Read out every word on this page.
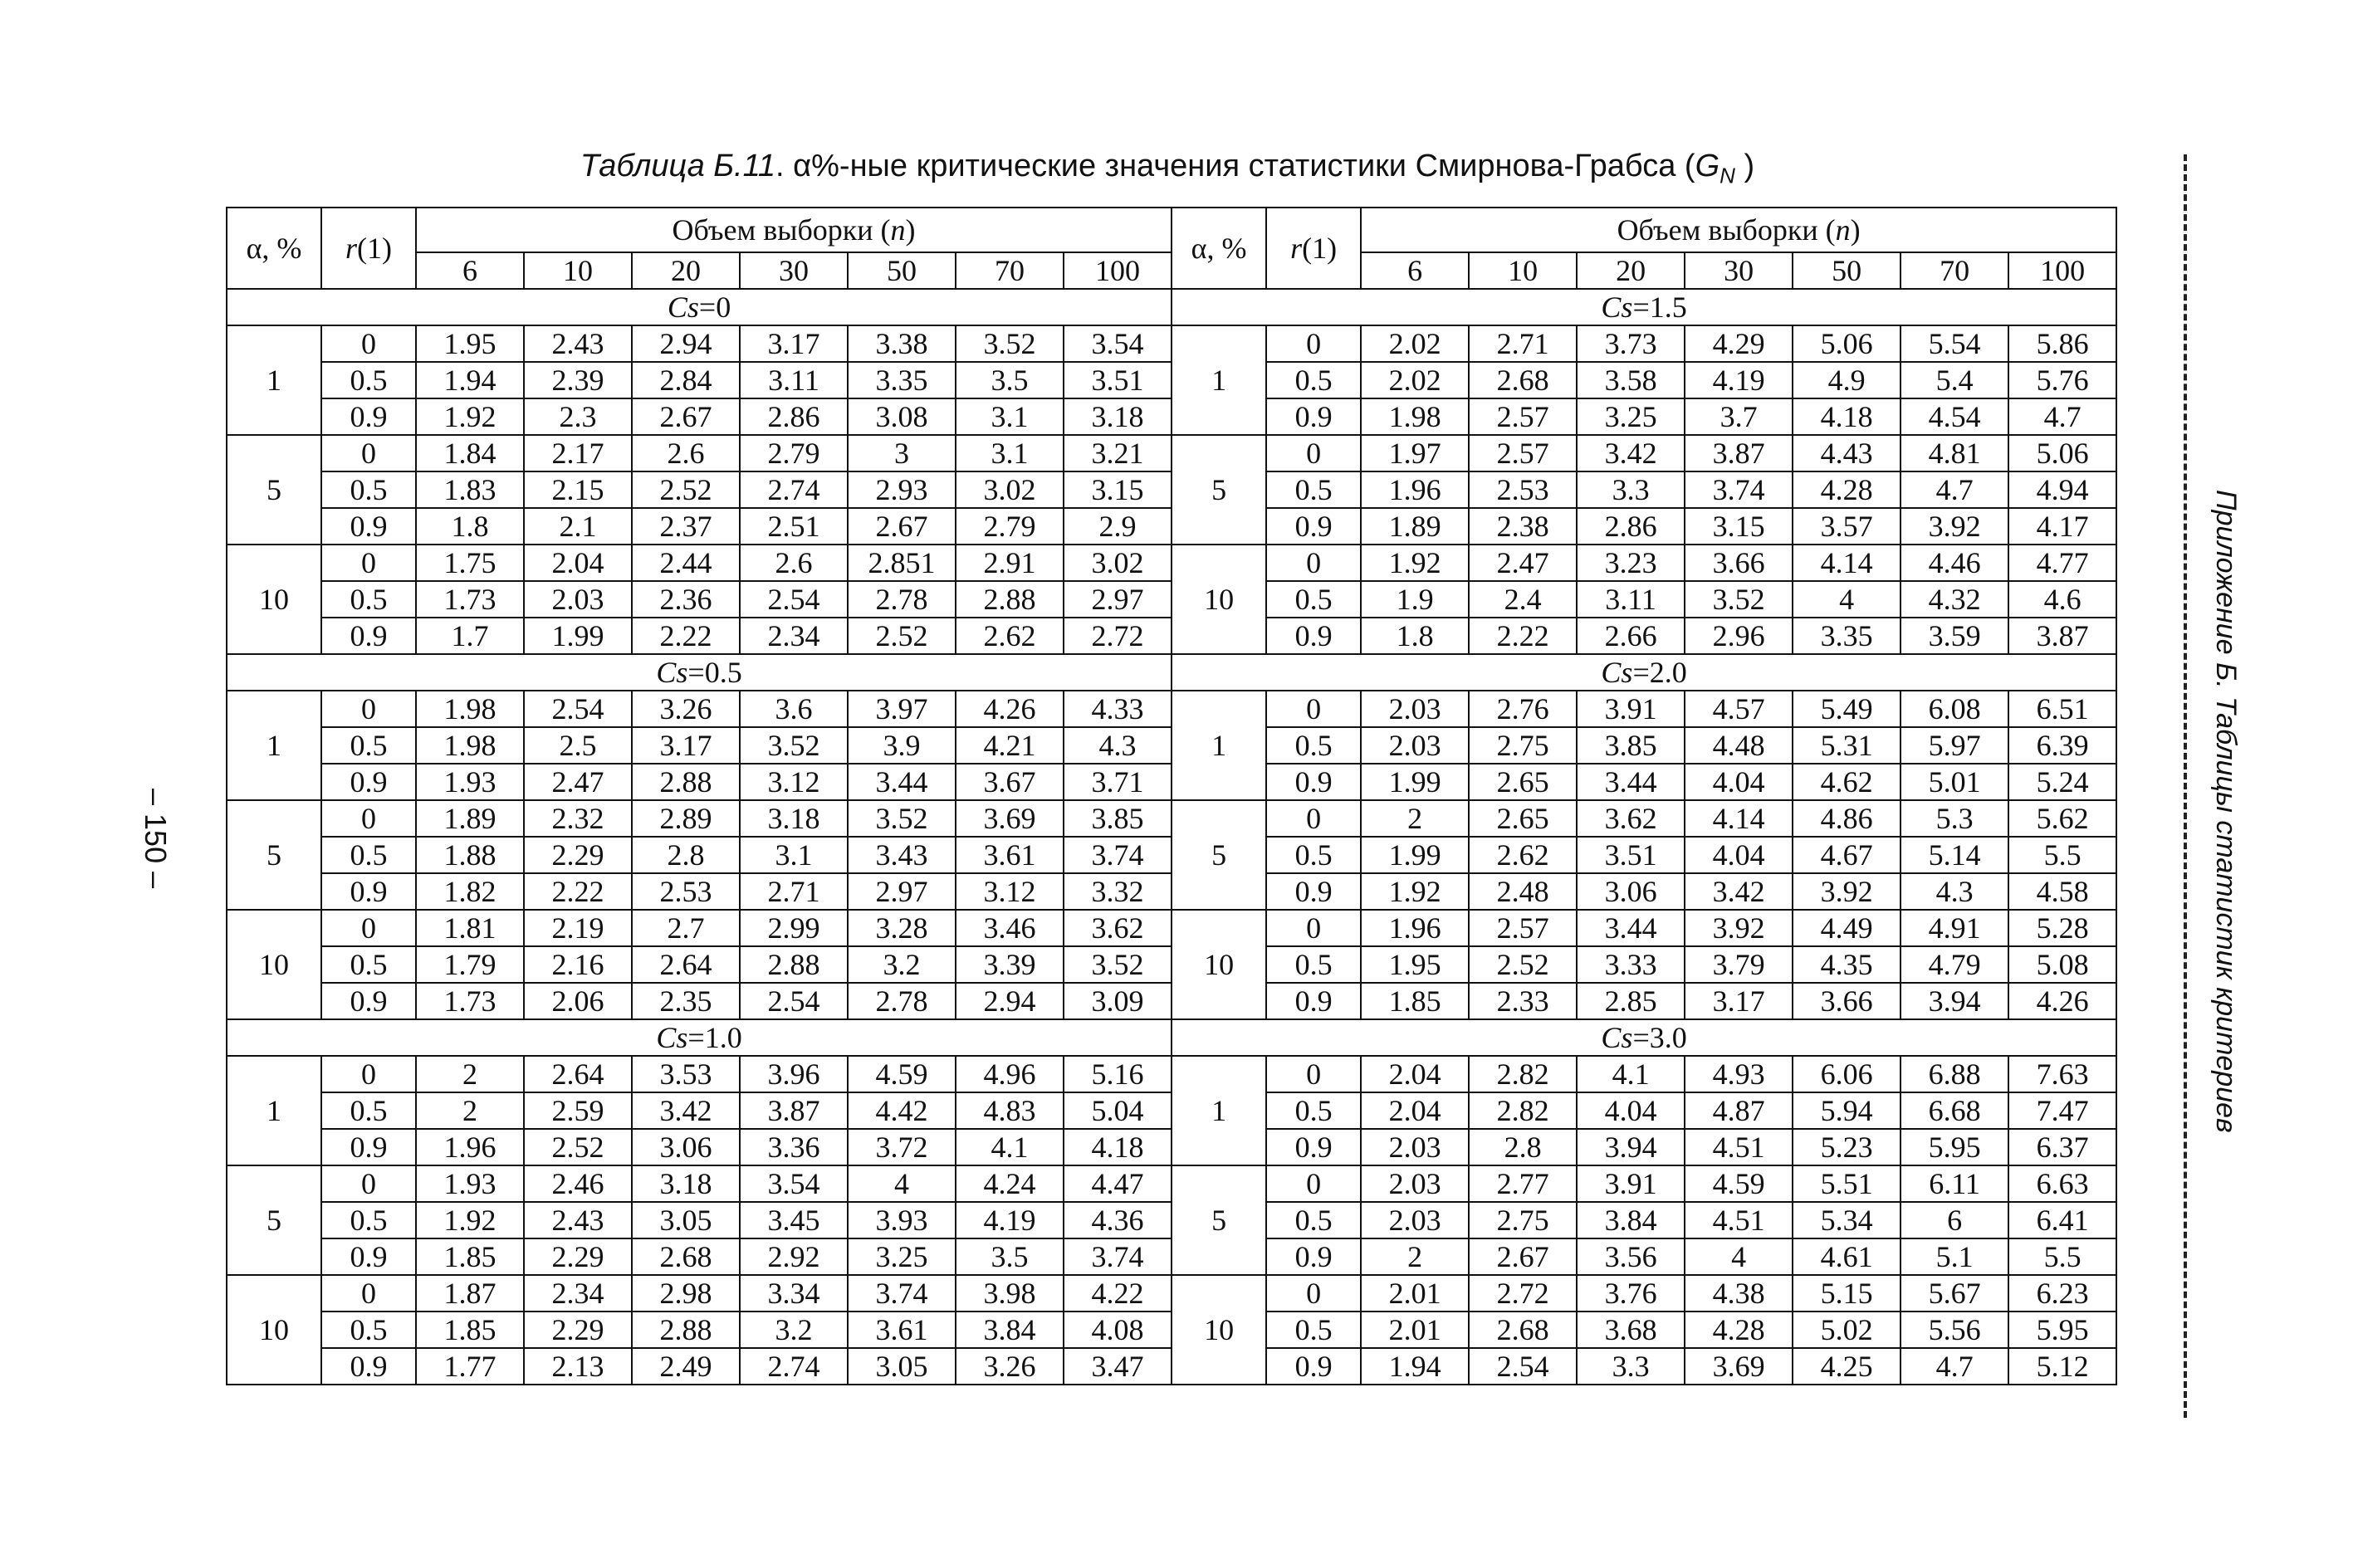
Таблица Б.11. α%-ные критические значения статистики Смирнова-Грабса ($G_N$ )
α, %	r(1)	Объем выборки (n)							α, %	r(1)	Объем выборки (n)						
		6	10	20	30	50	70	100			6	10	20	30	50	70	100
Cs=0									Cs=1.5								
1	0	1.95	2.43	2.94	3.17	3.38	3.52	3.54	1	0	2.02	2.71	3.73	4.29	5.06	5.54	5.86
	0.5	1.94	2.39	2.84	3.11	3.35	3.5	3.51		0.5	2.02	2.68	3.58	4.19	4.9	5.4	5.76
	0.9	1.92	2.3	2.67	2.86	3.08	3.1	3.18		0.9	1.98	2.57	3.25	3.7	4.18	4.54	4.7
5	0	1.84	2.17	2.6	2.79	3	3.1	3.21	5	0	1.97	2.57	3.42	3.87	4.43	4.81	5.06
	0.5	1.83	2.15	2.52	2.74	2.93	3.02	3.15		0.5	1.96	2.53	3.3	3.74	4.28	4.7	4.94
	0.9	1.8	2.1	2.37	2.51	2.67	2.79	2.9		0.9	1.89	2.38	2.86	3.15	3.57	3.92	4.17
10	0	1.75	2.04	2.44	2.6	2.851	2.91	3.02	10	0	1.92	2.47	3.23	3.66	4.14	4.46	4.77
	0.5	1.73	2.03	2.36	2.54	2.78	2.88	2.97		0.5	1.9	2.4	3.11	3.52	4	4.32	4.6
	0.9	1.7	1.99	2.22	2.34	2.52	2.62	2.72		0.9	1.8	2.22	2.66	2.96	3.35	3.59	3.87
Cs=0.5									Cs=2.0								
1	0	1.98	2.54	3.26	3.6	3.97	4.26	4.33	1	0	2.03	2.76	3.91	4.57	5.49	6.08	6.51
	0.5	1.98	2.5	3.17	3.52	3.9	4.21	4.3		0.5	2.03	2.75	3.85	4.48	5.31	5.97	6.39
	0.9	1.93	2.47	2.88	3.12	3.44	3.67	3.71		0.9	1.99	2.65	3.44	4.04	4.62	5.01	5.24
5	0	1.89	2.32	2.89	3.18	3.52	3.69	3.85	5	0	2	2.65	3.62	4.14	4.86	5.3	5.62
	0.5	1.88	2.29	2.8	3.1	3.43	3.61	3.74		0.5	1.99	2.62	3.51	4.04	4.67	5.14	5.5
	0.9	1.82	2.22	2.53	2.71	2.97	3.12	3.32		0.9	1.92	2.48	3.06	3.42	3.92	4.3	4.58
10	0	1.81	2.19	2.7	2.99	3.28	3.46	3.62	10	0	1.96	2.57	3.44	3.92	4.49	4.91	5.28
	0.5	1.79	2.16	2.64	2.88	3.2	3.39	3.52		0.5	1.95	2.52	3.33	3.79	4.35	4.79	5.08
	0.9	1.73	2.06	2.35	2.54	2.78	2.94	3.09		0.9	1.85	2.33	2.85	3.17	3.66	3.94	4.26
Cs=1.0									Cs=3.0								
1	0	2	2.64	3.53	3.96	4.59	4.96	5.16	1	0	2.04	2.82	4.1	4.93	6.06	6.88	7.63
	0.5	2	2.59	3.42	3.87	4.42	4.83	5.04		0.5	2.04	2.82	4.04	4.87	5.94	6.68	7.47
	0.9	1.96	2.52	3.06	3.36	3.72	4.1	4.18		0.9	2.03	2.8	3.94	4.51	5.23	5.95	6.37
5	0	1.93	2.46	3.18	3.54	4	4.24	4.47	5	0	2.03	2.77	3.91	4.59	5.51	6.11	6.63
	0.5	1.92	2.43	3.05	3.45	3.93	4.19	4.36		0.5	2.03	2.75	3.84	4.51	5.34	6	6.41
	0.9	1.85	2.29	2.68	2.92	3.25	3.5	3.74		0.9	2	2.67	3.56	4	4.61	5.1	5.5
10	0	1.87	2.34	2.98	3.34	3.74	3.98	4.22	10	0	2.01	2.72	3.76	4.38	5.15	5.67	6.23
	0.5	1.85	2.29	2.88	3.2	3.61	3.84	4.08		0.5	2.01	2.68	3.68	4.28	5.02	5.56	5.95
	0.9	1.77	2.13	2.49	2.74	3.05	3.26	3.47		0.9	1.94	2.54	3.3	3.69	4.25	4.7	5.12
– 150 –	Приложение Б. Таблицы статистик критериев
